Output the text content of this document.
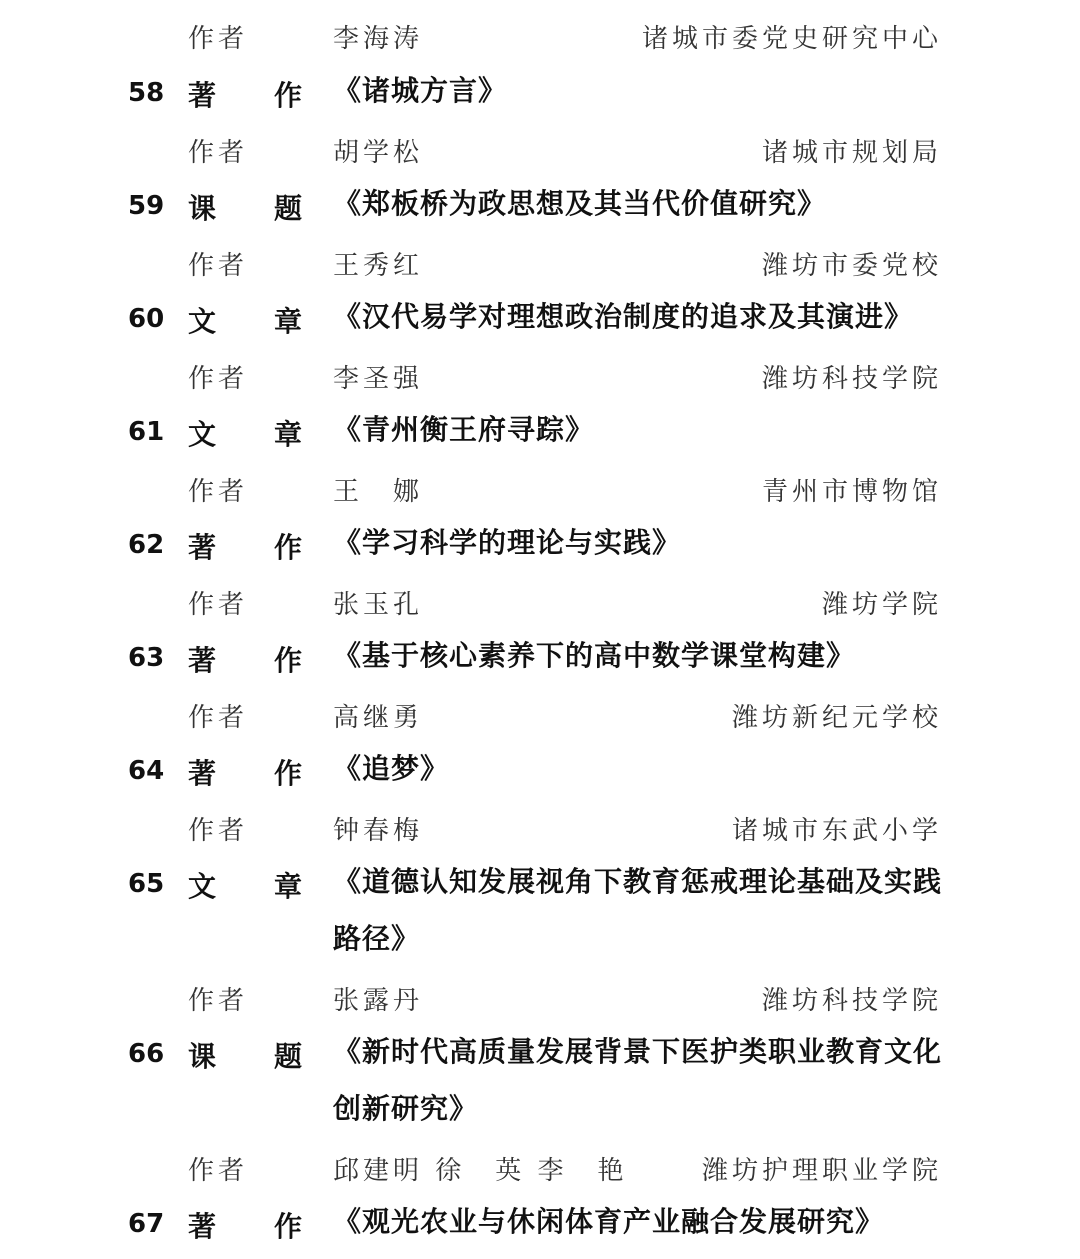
作者	李海涛	诸城市委党史研究中心
58 著 作 《诸城方言》
作者	胡学松	诸城市规划局
59 课 题 《郑板桥为政思想及其当代价值研究》
作者	王秀红	潍坊市委党校
60 文 章 《汉代易学对理想政治制度的追求及其演进》
作者	李圣强	潍坊科技学院
61 文 章 《青州衡王府寻踪》
作者	王　娜	青州市博物馆
62 著 作 《学习科学的理论与实践》
作者	张玉孔	潍坊学院
63 著 作 《基于核心素养下的高中数学课堂构建》
作者	高继勇	潍坊新纪元学校
64 著 作 《追梦》
作者	钟春梅	诸城市东武小学
65 文 章 《道德认知发展视角下教育惩戒理论基础及实践路径》
作者	张露丹	潍坊科技学院
66 课 题 《新时代高质量发展背景下医护类职业教育文化创新研究》
作者	邱建明 徐　英 李　艳	潍坊护理职业学院
67 著 作 《观光农业与休闲体育产业融合发展研究》
